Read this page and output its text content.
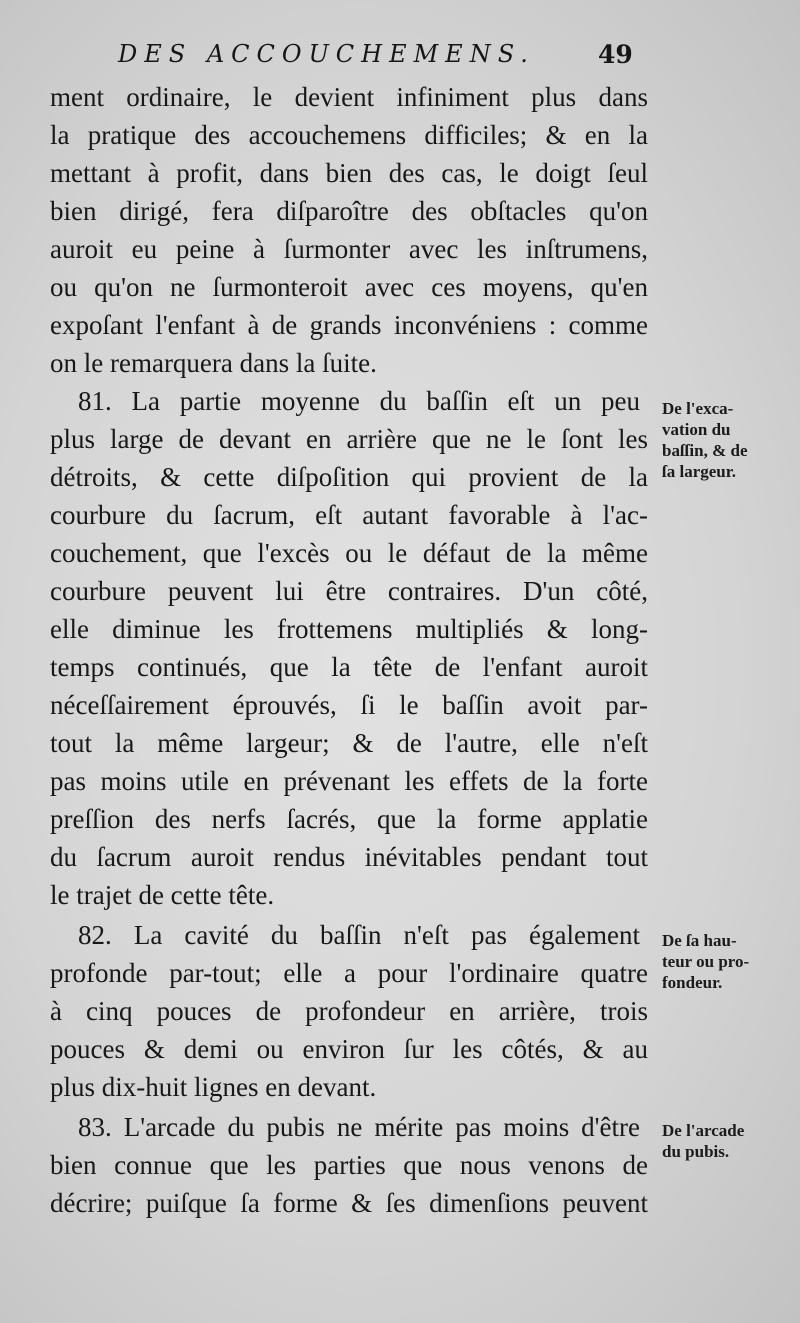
DES ACCOUCHEMENS.	49
ment ordinaire, le devient infiniment plus dans
la pratique des accouchemens difficiles; & en la
mettant à profit, dans bien des cas, le doigt ſeul
bien dirigé, fera diſparoître des obſtacles qu'on
auroit eu peine à ſurmonter avec les inſtrumens,
ou qu'on ne ſurmonteroit avec ces moyens, qu'en
expoſant l'enfant à de grands inconvéniens : comme
on le remarquera dans la ſuite.
81. La partie moyenne du baſſin eſt un peu
plus large de devant en arrière que ne le ſont les
détroits, & cette diſpoſition qui provient de la
courbure du ſacrum, eſt autant favorable à l'ac-
couchement, que l'excès ou le défaut de la même
courbure peuvent lui être contraires. D'un côté,
elle diminue les frottemens multipliés & long-
temps continués, que la tête de l'enfant auroit
néceſſairement éprouvés, ſi le baſſin avoit par-
tout la même largeur; & de l'autre, elle n'eſt
pas moins utile en prévenant les effets de la forte
preſſion des nerfs ſacrés, que la forme applatie
du ſacrum auroit rendus inévitables pendant tout
le trajet de cette tête.
82. La cavité du baſſin n'eſt pas également
profonde par-tout; elle a pour l'ordinaire quatre
à cinq pouces de profondeur en arrière, trois
pouces & demi ou environ ſur les côtés, & au
plus dix-huit lignes en devant.
83. L'arcade du pubis ne mérite pas moins d'être
bien connue que les parties que nous venons de
décrire; puiſque ſa forme & ſes dimenſions peuvent
De l'exca-
vation du
baſſin, & de
ſa largeur.
De ſa hau-
teur ou pro-
fondeur.
De l'arcade
du pubis.
